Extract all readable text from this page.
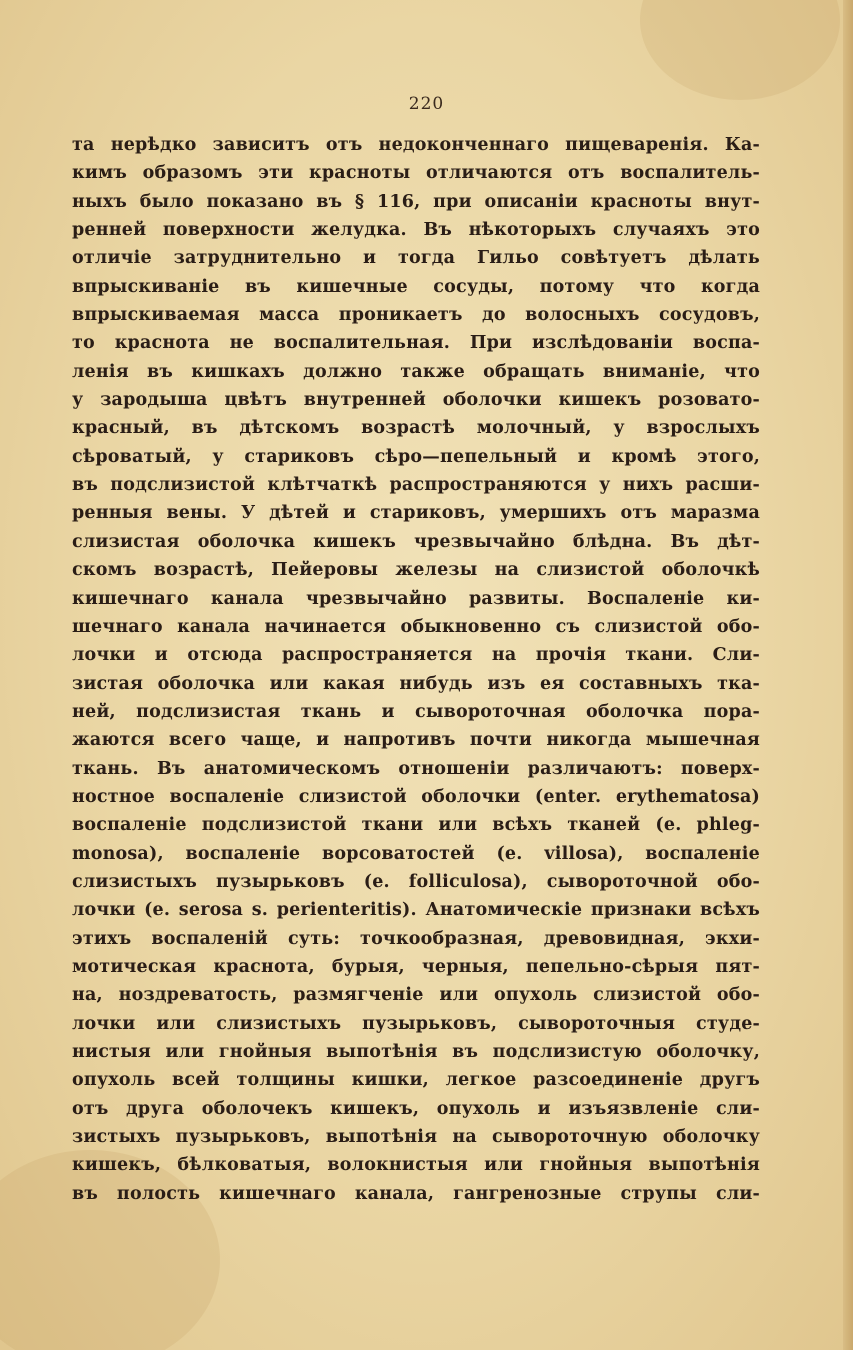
220
та нерѣдко зависитъ отъ недоконченнаго пищеваренія. Ка-
кимъ образомъ эти красноты отличаются отъ воспалитель-
ныхъ было показано въ § 116, при описаніи красноты внут-
ренней поверхности желудка. Въ нѣкоторыхъ случаяхъ это
отличіе затруднительно и тогда Гильо совѣтуетъ дѣлать
впрыскиваніе въ кишечные сосуды, потому что когда
впрыскиваемая масса проникаетъ до волосныхъ сосудовъ,
то краснота не воспалительная. При изслѣдованіи воспа-
ленія въ кишкахъ должно также обращать вниманіе, что
у зародыша цвѣтъ внутренней оболочки кишекъ розовато-
красный, въ дѣтскомъ возрастѣ молочный, у взрослыхъ
сѣроватый, у стариковъ сѣро—пепельный и кромѣ этого,
въ подслизистой клѣтчаткѣ распространяются у нихъ расши-
ренныя вены. У дѣтей и стариковъ, умершихъ отъ маразма
слизистая оболочка кишекъ чрезвычайно блѣдна. Въ дѣт-
скомъ возрастѣ, Пейеровы железы на слизистой оболочкѣ
кишечнаго канала чрезвычайно развиты. Воспаленіе ки-
шечнаго канала начинается обыкновенно съ слизистой обо-
лочки и отсюда распространяется на прочія ткани. Сли-
зистая оболочка или какая нибудь изъ ея составныхъ тка-
ней, подслизистая ткань и сывороточная оболочка пора-
жаются всего чаще, и напротивъ почти никогда мышечная
ткань. Въ анатомическомъ отношеніи различаютъ: поверх-
ностное воспаленіе слизистой оболочки (enter. erythematosa)
воспаленіе подслизистой ткани или всѣхъ тканей (e. phleg-
monosa), воспаленіе ворсоватостей (e. villosa), воспаленіе
слизистыхъ пузырьковъ (e. folliculosa), сывороточной обо-
лочки (e. serosa s. perienteritis). Анатомическіе признаки всѣхъ
этихъ воспаленій суть: точкообразная, древовидная, экхи-
мотическая краснота, бурыя, черныя, пепельно-сѣрыя пят-
на, ноздреватость, размягченіе или опухоль слизистой обо-
лочки или слизистыхъ пузырьковъ, сывороточныя студе-
нистыя или гнойныя выпотѣнія въ подслизистую оболочку,
опухоль всей толщины кишки, легкое разсоединеніе другъ
отъ друга оболочекъ кишекъ, опухоль и изъязвленіе сли-
зистыхъ пузырьковъ, выпотѣнія на сывороточную оболочку
кишекъ, бѣлковатыя, волокнистыя или гнойныя выпотѣнія
въ полость кишечнаго канала, гангренозные струпы сли-
